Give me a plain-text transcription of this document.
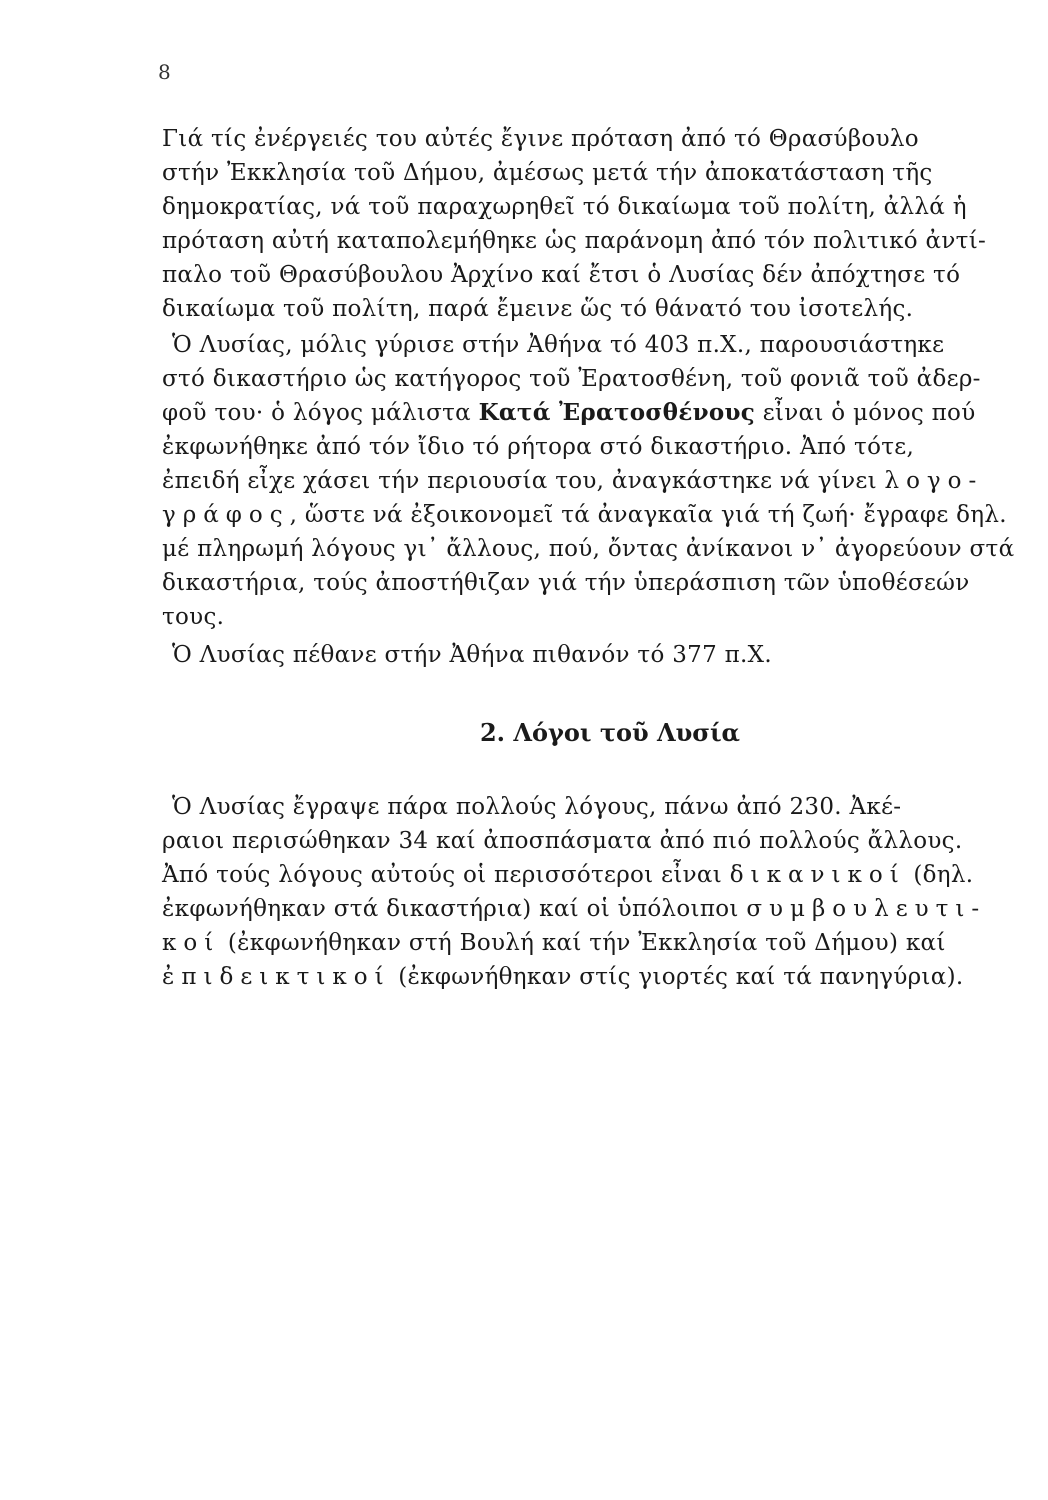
8
Γιά τίς ἐνέργειές του αὐτές ἔγινε πρόταση ἀπό τό Θρασύβουλο
στήν Ἐκκλησία τοῦ Δήμου, ἀμέσως μετά τήν ἀποκατάσταση τῆς
δημοκρατίας, νά τοῦ παραχωρηθεῖ τό δικαίωμα τοῦ πολίτη, ἀλλά ἡ
πρόταση αὐτή καταπολεμήθηκε ὡς παράνομη ἀπό τόν πολιτικό ἀντί-
παλο τοῦ Θρασύβουλου Ἀρχίνο καί ἔτσι ὁ Λυσίας δέν ἀπόχτησε τό
δικαίωμα τοῦ πολίτη, παρά ἔμεινε ὥς τό θάνατό του ἰσοτελής.
Ὁ Λυσίας, μόλις γύρισε στήν Ἀθήνα τό 403 π.Χ., παρουσιάστηκε
στό δικαστήριο ὡς κατήγορος τοῦ Ἐρατοσθένη, τοῦ φονιᾶ τοῦ ἀδερ-
φοῦ του· ὁ λόγος μάλιστα Κατά Ἐρατοσθένους εἶναι ὁ μόνος πού
ἐκφωνήθηκε ἀπό τόν ἴδιο τό ρήτορα στό δικαστήριο. Ἀπό τότε,
ἐπειδή εἶχε χάσει τήν περιουσία του, ἀναγκάστηκε νά γίνει λογο-
γράφος, ὥστε νά ἐξοικονομεῖ τά ἀναγκαῖα γιά τή ζωή· ἔγραφε δηλ.
μέ πληρωμή λόγους γι᾽ ἄλλους, πού, ὄντας ἀνίκανοι ν᾽ ἀγορεύουν στά
δικαστήρια, τούς ἀποστήθιζαν γιά τήν ὑπεράσπιση τῶν ὑποθέσεών
τους.
Ὁ Λυσίας πέθανε στήν Ἀθήνα πιθανόν τό 377 π.Χ.
2. Λόγοι τοῦ Λυσία
Ὁ Λυσίας ἔγραψε πάρα πολλούς λόγους, πάνω ἀπό 230. Ἀκέ-
ραιοι περισώθηκαν 34 καί ἀποσπάσματα ἀπό πιό πολλούς ἄλλους.
Ἀπό τούς λόγους αὐτούς οἱ περισσότεροι εἶναι δικανικοί (δηλ.
ἐκφωνήθηκαν στά δικαστήρια) καί οἱ ὑπόλοιποι συμβουλευτι-
κοί (ἐκφωνήθηκαν στή Βουλή καί τήν Ἐκκλησία τοῦ Δήμου) καί
ἐπιδεικτικοί (ἐκφωνήθηκαν στίς γιορτές καί τά πανηγύρια).
